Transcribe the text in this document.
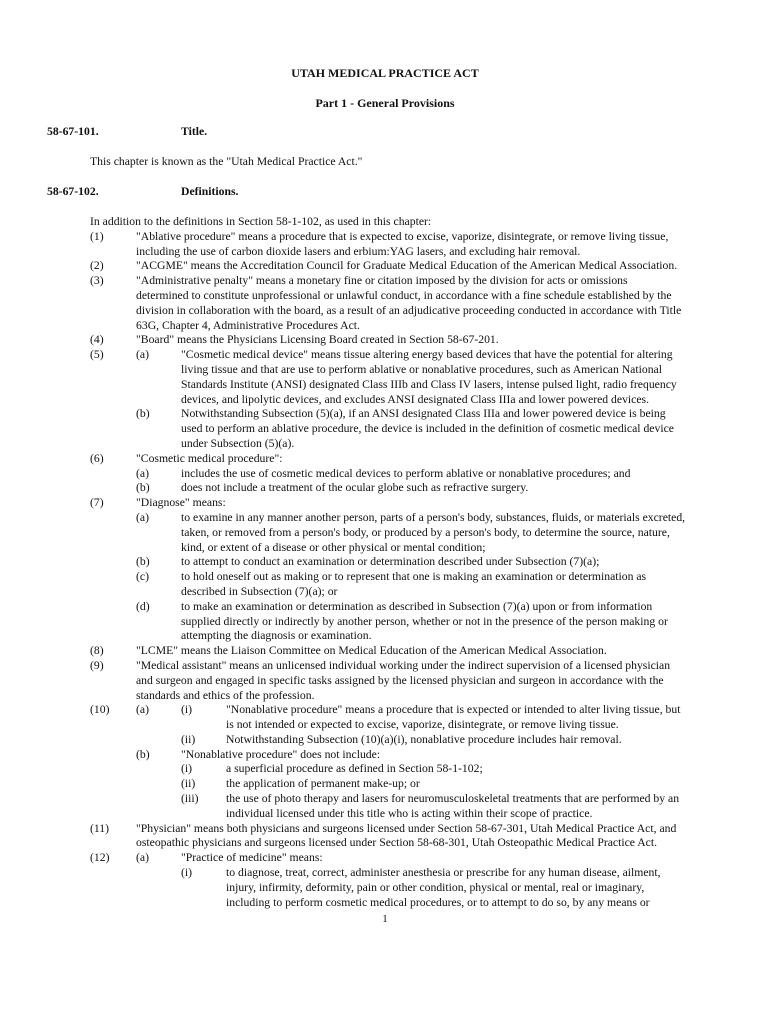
UTAH MEDICAL PRACTICE ACT
Part 1 - General Provisions
58-67-101.	Title.
This chapter is known as the "Utah Medical Practice Act."
58-67-102.	Definitions.
In addition to the definitions in Section 58-1-102, as used in this chapter:
(1)	"Ablative procedure" means a procedure that is expected to excise, vaporize, disintegrate, or remove living tissue,
including the use of carbon dioxide lasers and erbium:YAG lasers, and excluding hair removal.
(2)	"ACGME" means the Accreditation Council for Graduate Medical Education of the American Medical Association.
(3)	"Administrative penalty" means a monetary fine or citation imposed by the division for acts or omissions
determined to constitute unprofessional or unlawful conduct, in accordance with a fine schedule established by the
division in collaboration with the board, as a result of an adjudicative proceeding conducted in accordance with Title
63G, Chapter 4, Administrative Procedures Act.
(4)	"Board" means the Physicians Licensing Board created in Section 58-67-201.
(5)	(a)	"Cosmetic medical device" means tissue altering energy based devices that have the potential for altering
living tissue and that are use to perform ablative or nonablative procedures, such as American National
Standards Institute (ANSI) designated Class IIIb and Class IV lasers, intense pulsed light, radio frequency
devices, and lipolytic devices, and excludes ANSI designated Class IIIa and lower powered devices.
(b)	Notwithstanding Subsection (5)(a), if an ANSI designated Class IIIa and lower powered device is being
used to perform an ablative procedure, the device is included in the definition of cosmetic medical device
under Subsection (5)(a).
(6)	"Cosmetic medical procedure":
(a)	includes the use of cosmetic medical devices to perform ablative or nonablative procedures; and
(b)	does not include a treatment of the ocular globe such as refractive surgery.
(7)	"Diagnose" means:
(a)	to examine in any manner another person, parts of a person's body, substances, fluids, or materials excreted,
taken, or removed from a person's body, or produced by a person's body, to determine the source, nature,
kind, or extent of a disease or other physical or mental condition;
(b)	to attempt to conduct an examination or determination described under Subsection (7)(a);
(c)	to hold oneself out as making or to represent that one is making an examination or determination as
described in Subsection (7)(a); or
(d)	to make an examination or determination as described in Subsection (7)(a) upon or from information
supplied directly or indirectly by another person, whether or not in the presence of the person making or
attempting the diagnosis or examination.
(8)	"LCME" means the Liaison Committee on Medical Education of the American Medical Association.
(9)	"Medical assistant" means an unlicensed individual working under the indirect supervision of a licensed physician
and surgeon and engaged in specific tasks assigned by the licensed physician and surgeon in accordance with the
standards and ethics of the profession.
(10) (a)	(i)	"Nonablative procedure" means a procedure that is expected or intended to alter living tissue, but
is not intended or expected to excise, vaporize, disintegrate, or remove living tissue.
(ii)	Notwithstanding Subsection (10)(a)(i), nonablative procedure includes hair removal.
(b)	"Nonablative procedure" does not include:
(i)	a superficial procedure as defined in Section 58-1-102;
(ii)	the application of permanent make-up; or
(iii) the use of photo therapy and lasers for neuromusculoskeletal treatments that are performed by an
individual licensed under this title who is acting within their scope of practice.
(11) "Physician" means both physicians and surgeons licensed under Section 58-67-301, Utah Medical Practice Act, and
osteopathic physicians and surgeons licensed under Section 58-68-301, Utah Osteopathic Medical Practice Act.
(12) (a)	"Practice of medicine" means:
(i)	to diagnose, treat, correct, administer anesthesia or prescribe for any human disease, ailment,
injury, infirmity, deformity, pain or other condition, physical or mental, real or imaginary,
including to perform cosmetic medical procedures, or to attempt to do so, by any means or
1
